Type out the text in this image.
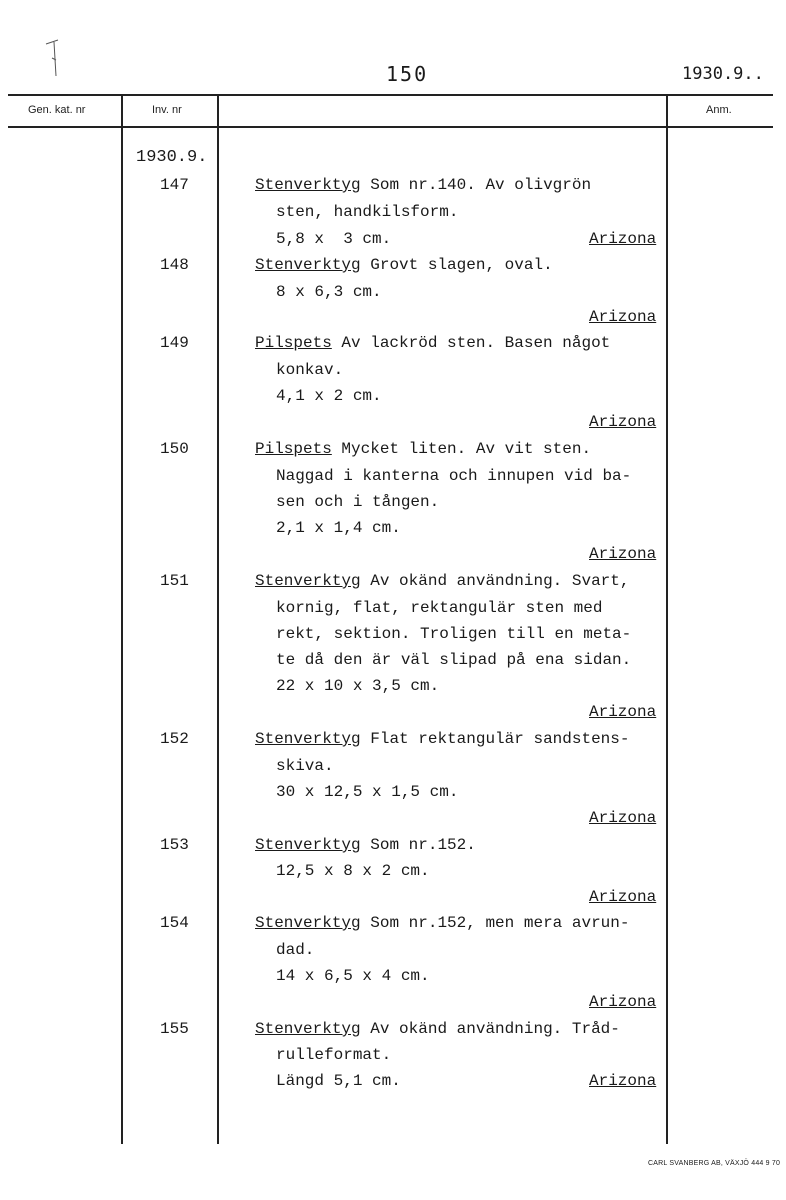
150	1930.9..
Gen. kat. nr	Inv. nr	Anm.
1930.9.
147	Stenverktyg Som nr.140. Av olivgrön
sten, handkilsform.
5,8 x  3 cm.	Arizona
148	Stenverktyg Grovt slagen, oval.
8 x 6,3 cm.
Arizona
149	Pilspets Av lackröd sten. Basen något
konkav.
4,1 x 2 cm.
Arizona
150	Pilspets Mycket liten. Av vit sten.
Naggad i kanterna och innupen vid ba-
sen och i tången.
2,1 x 1,4 cm.
Arizona
151	Stenverktyg Av okänd användning. Svart,
kornig, flat, rektangulär sten med
rekt, sektion. Troligen till en meta-
te då den är väl slipad på ena sidan.
22 x 10 x 3,5 cm.
Arizona
152	Stenverktyg Flat rektangulär sandstens-
skiva.
30 x 12,5 x 1,5 cm.
Arizona
153	Stenverktyg Som nr.152.
12,5 x 8 x 2 cm.
Arizona
154	Stenverktyg Som nr.152, men mera avrun-
dad.
14 x 6,5 x 4 cm.
Arizona
155	Stenverktyg Av okänd användning. Tråd-
rulleformat.
Längd 5,1 cm.	Arizona
CARL SVANBERG AB, VÄXJÖ 444 9 70
